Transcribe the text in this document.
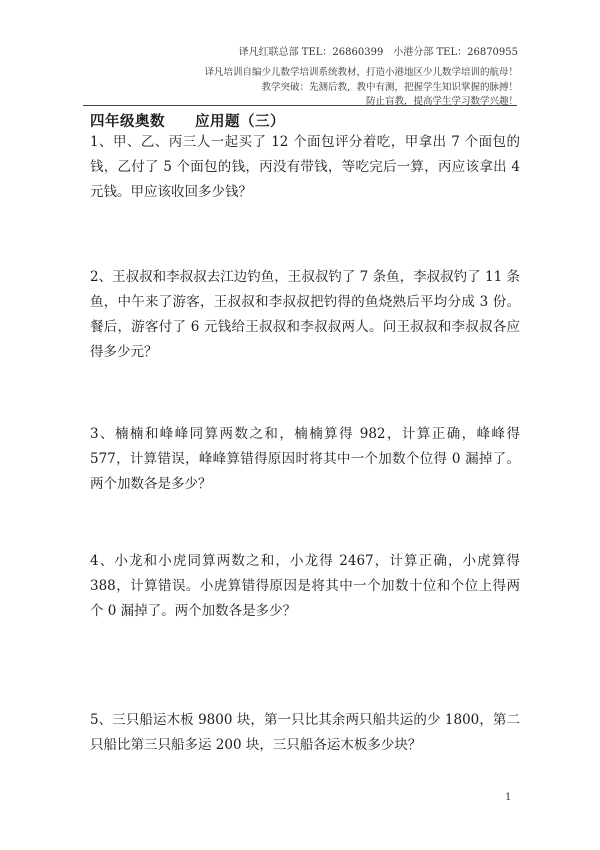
译凡红联总部 TEL：26860399　小港分部 TEL：26870955
译凡培训自编少儿数学培训系统教材，打造小港地区少儿数学培训的航母！
教学突破：先测后教，教中有测，把握学生知识掌握的脉搏！
防止盲教，提高学生学习数学兴趣！
四年级奥数 应用题（三）
1、甲、乙、丙三人一起买了 12 个面包评分着吃，甲拿出 7 个面包的钱，乙付了 5 个面包的钱，丙没有带钱，等吃完后一算，丙应该拿出 4 元钱。甲应该收回多少钱？
2、王叔叔和李叔叔去江边钓鱼，王叔叔钓了 7 条鱼，李叔叔钓了 11 条鱼，中午来了游客，王叔叔和李叔叔把钓得的鱼烧熟后平均分成 3 份。餐后，游客付了 6 元钱给王叔叔和李叔叔两人。问王叔叔和李叔叔各应得多少元？
3、楠楠和峰峰同算两数之和，楠楠算得 982，计算正确，峰峰得 577，计算错误，峰峰算错得原因时将其中一个加数个位得 0 漏掉了。两个加数各是多少？
4、小龙和小虎同算两数之和，小龙得 2467，计算正确，小虎算得 388，计算错误。小虎算错得原因是将其中一个加数十位和个位上得两个 0 漏掉了。两个加数各是多少？
5、三只船运木板 9800 块，第一只比其余两只船共运的少 1800，第二只船比第三只船多运 200 块，三只船各运木板多少块？
1
